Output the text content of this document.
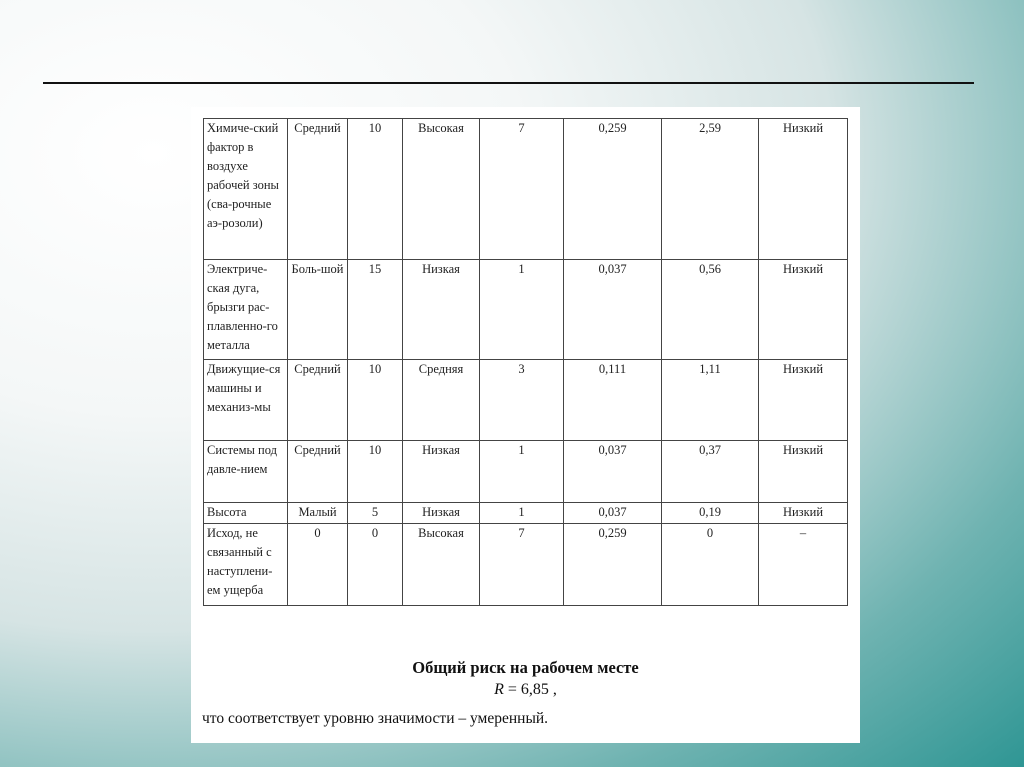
Химиче-ский фактор в воздухе рабочей зоны (сва-рочные аэ-розоли)	Средний	10	Высокая	7	0,259	2,59	Низкий
Электриче-ская дуга, брызги рас-плавленно-го металла	Боль-шой	15	Низкая	1	0,037	0,56	Низкий
Движущие-ся машины и механиз-мы	Средний	10	Средняя	3	0,111	1,11	Низкий
Системы под давле-нием	Средний	10	Низкая	1	0,037	0,37	Низкий
Высота	Малый	5	Низкая	1	0,037	0,19	Низкий
Исход, не связанный с наступлени-ем ущерба	0	0	Высокая	7	0,259	0	–
Общий риск на рабочем месте
R = 6,85 ,
что соответствует уровню значимости – умеренный.
